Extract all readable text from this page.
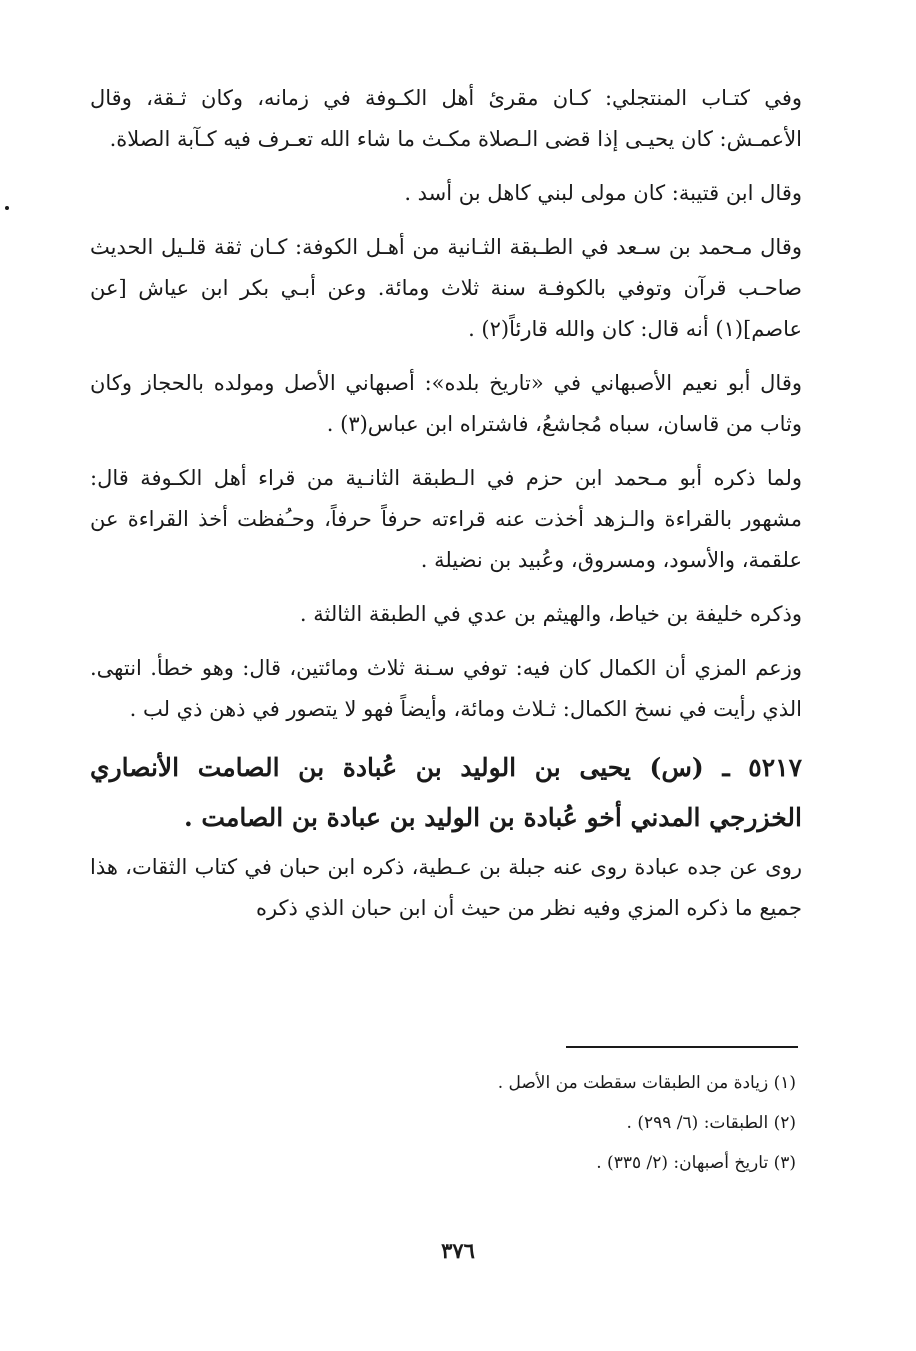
وفي كتـاب المنتجلي: كـان مقرئ أهل الكـوفة في زمانه، وكان ثـقة، وقال الأعمـش: كان يحيـى إذا قضى الـصلاة مكـث ما شاء الله تعـرف فيه كـآبة الصلاة.

وقال ابن قتيبة: كان مولى لبني كاهل بن أسد .

وقال مـحمد بن سـعد في الطـبقة الثـانية من أهـل الكوفة: كـان ثقة قلـيل الحديث صاحـب قرآن وتوفي بالكوفـة سنة ثلاث ومائة. وعن أبـي بكر ابن عياش [عن عاصم](١) أنه قال: كان والله قارئاً(٢) .

وقال أبو نعيم الأصبهاني في «تاريخ بلده»: أصبهاني الأصل ومولده بالحجاز وكان وثاب من قاسان، سباه مُجاشعُ، فاشتراه ابن عباس(٣) .

ولما ذكره أبو مـحمد ابن حزم في الـطبقة الثانـية من قراء أهل الكـوفة قال: مشهور بالقراءة والـزهد أخذت عنه قراءته حرفاً حرفاً، وحـُفظت أخذ القراءة عن علقمة، والأسود، ومسروق، وعُبيد بن نضيلة .

وذكره خليفة بن خياط، والهيثم بن عدي في الطبقة الثالثة .

وزعم المزي أن الكمال كان فيه: توفي سـنة ثلاث ومائتين، قال: وهو خطأ. انتهى. الذي رأيت في نسخ الكمال: ثـلاث ومائة، وأيضاً فهو لا يتصور في ذهن ذي لب .

٥٢١٧ ـ (س) يحيى بن الوليد بن عُبادة بن الصامت الأنصاري الخزرجي المدني أخو عُبادة بن الوليد بن عبادة بن الصامت .

روى عن جده عبادة روى عنه جبلة بن عـطية، ذكره ابن حبان في كتاب الثقات، هذا جميع ما ذكره المزي وفيه نظر من حيث أن ابن حبان الذي ذكره

(١) زيادة من الطبقات سقطت من الأصل .

(٢) الطبقات: (٦/ ٢٩٩) .

(٣) تاريخ أصبهان: (٢/ ٣٣٥) .

٣٧٦
